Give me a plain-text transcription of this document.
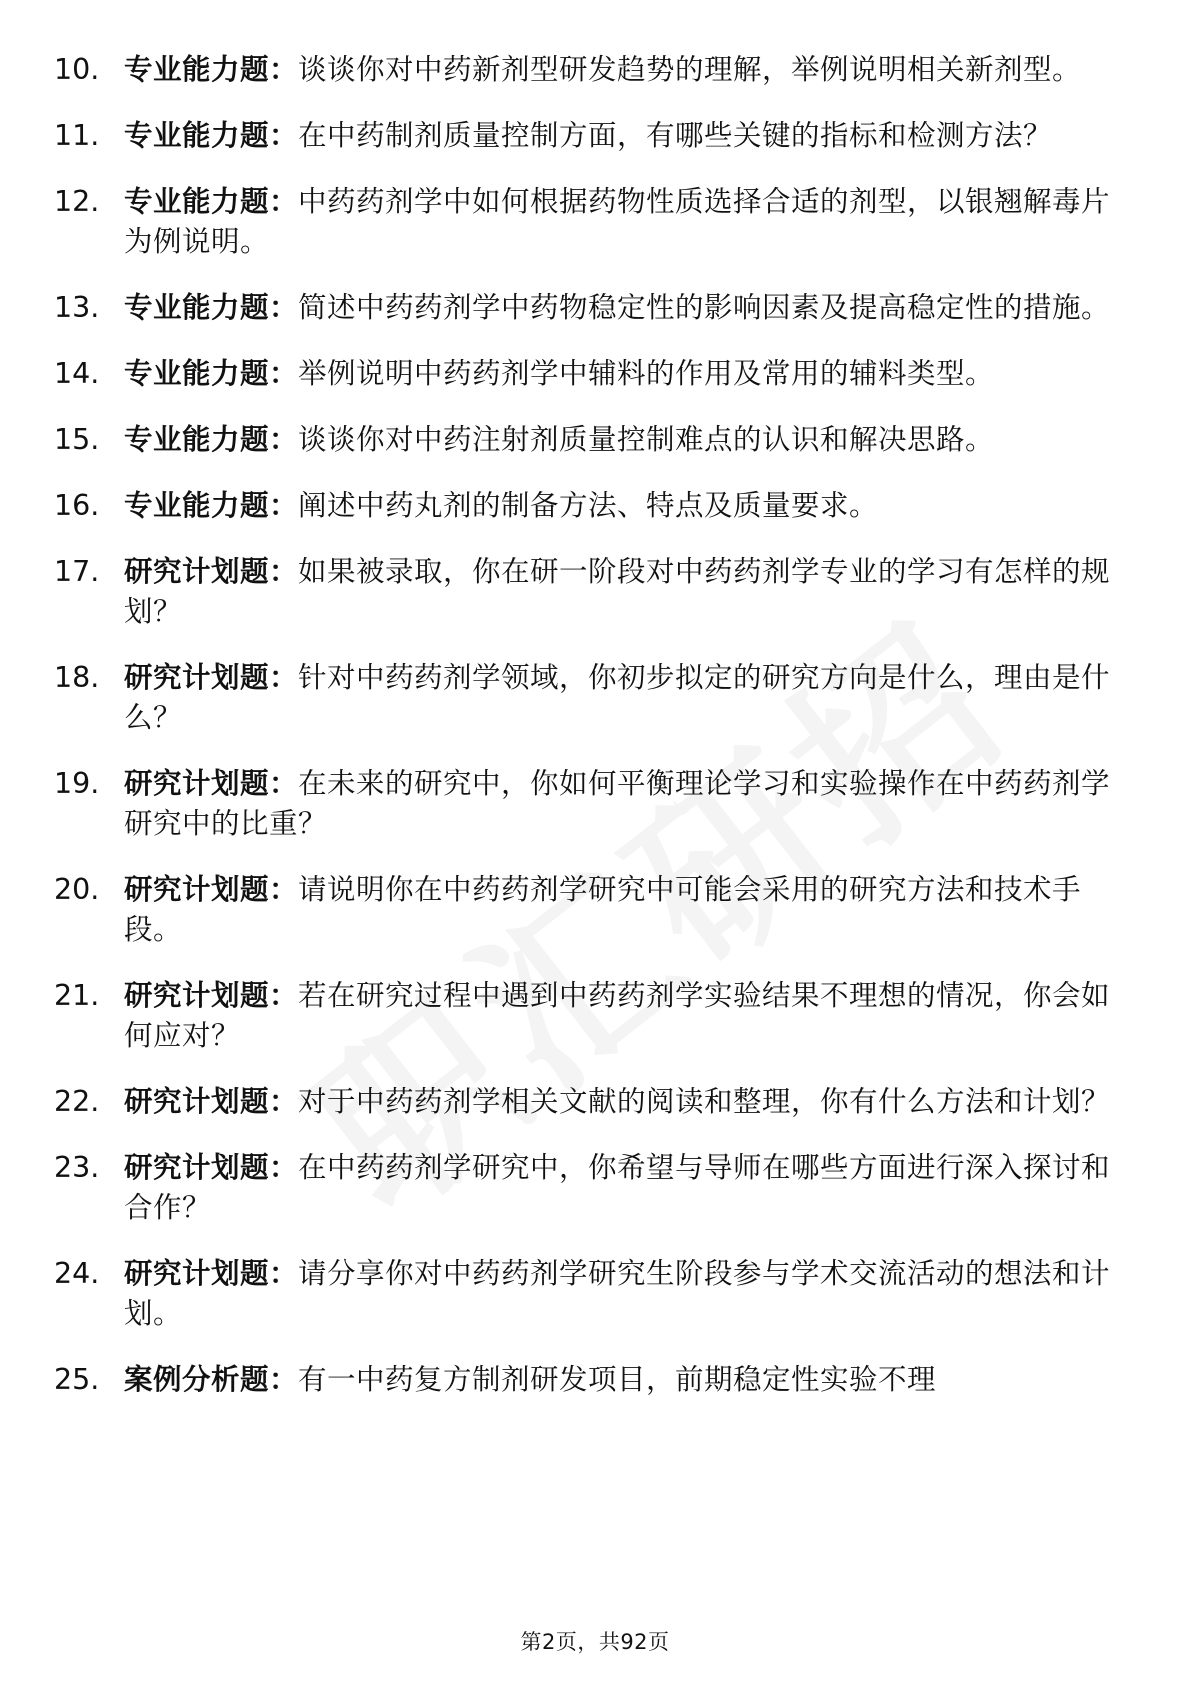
10. 专业能力题：谈谈你对中药新剂型研发趋势的理解，举例说明相关新剂型。
11. 专业能力题：在中药制剂质量控制方面，有哪些关键的指标和检测方法？
12. 专业能力题：中药药剂学中如何根据药物性质选择合适的剂型，以银翘解毒片为例说明。
13. 专业能力题：简述中药药剂学中药物稳定性的影响因素及提高稳定性的措施。
14. 专业能力题：举例说明中药药剂学中辅料的作用及常用的辅料类型。
15. 专业能力题：谈谈你对中药注射剂质量控制难点的认识和解决思路。
16. 专业能力题：阐述中药丸剂的制备方法、特点及质量要求。
17. 研究计划题：如果被录取，你在研一阶段对中药药剂学专业的学习有怎样的规划？
18. 研究计划题：针对中药药剂学领域，你初步拟定的研究方向是什么，理由是什么？
19. 研究计划题：在未来的研究中，你如何平衡理论学习和实验操作在中药药剂学研究中的比重？
20. 研究计划题：请说明你在中药药剂学研究中可能会采用的研究方法和技术手段。
21. 研究计划题：若在研究过程中遇到中药药剂学实验结果不理想的情况，你会如何应对？
22. 研究计划题：对于中药药剂学相关文献的阅读和整理，你有什么方法和计划？
23. 研究计划题：在中药药剂学研究中，你希望与导师在哪些方面进行深入探讨和合作？
24. 研究计划题：请分享你对中药药剂学研究生阶段参与学术交流活动的想法和计划。
25. 案例分析题：有一中药复方制剂研发项目，前期稳定性实验不理
第2页，共92页
